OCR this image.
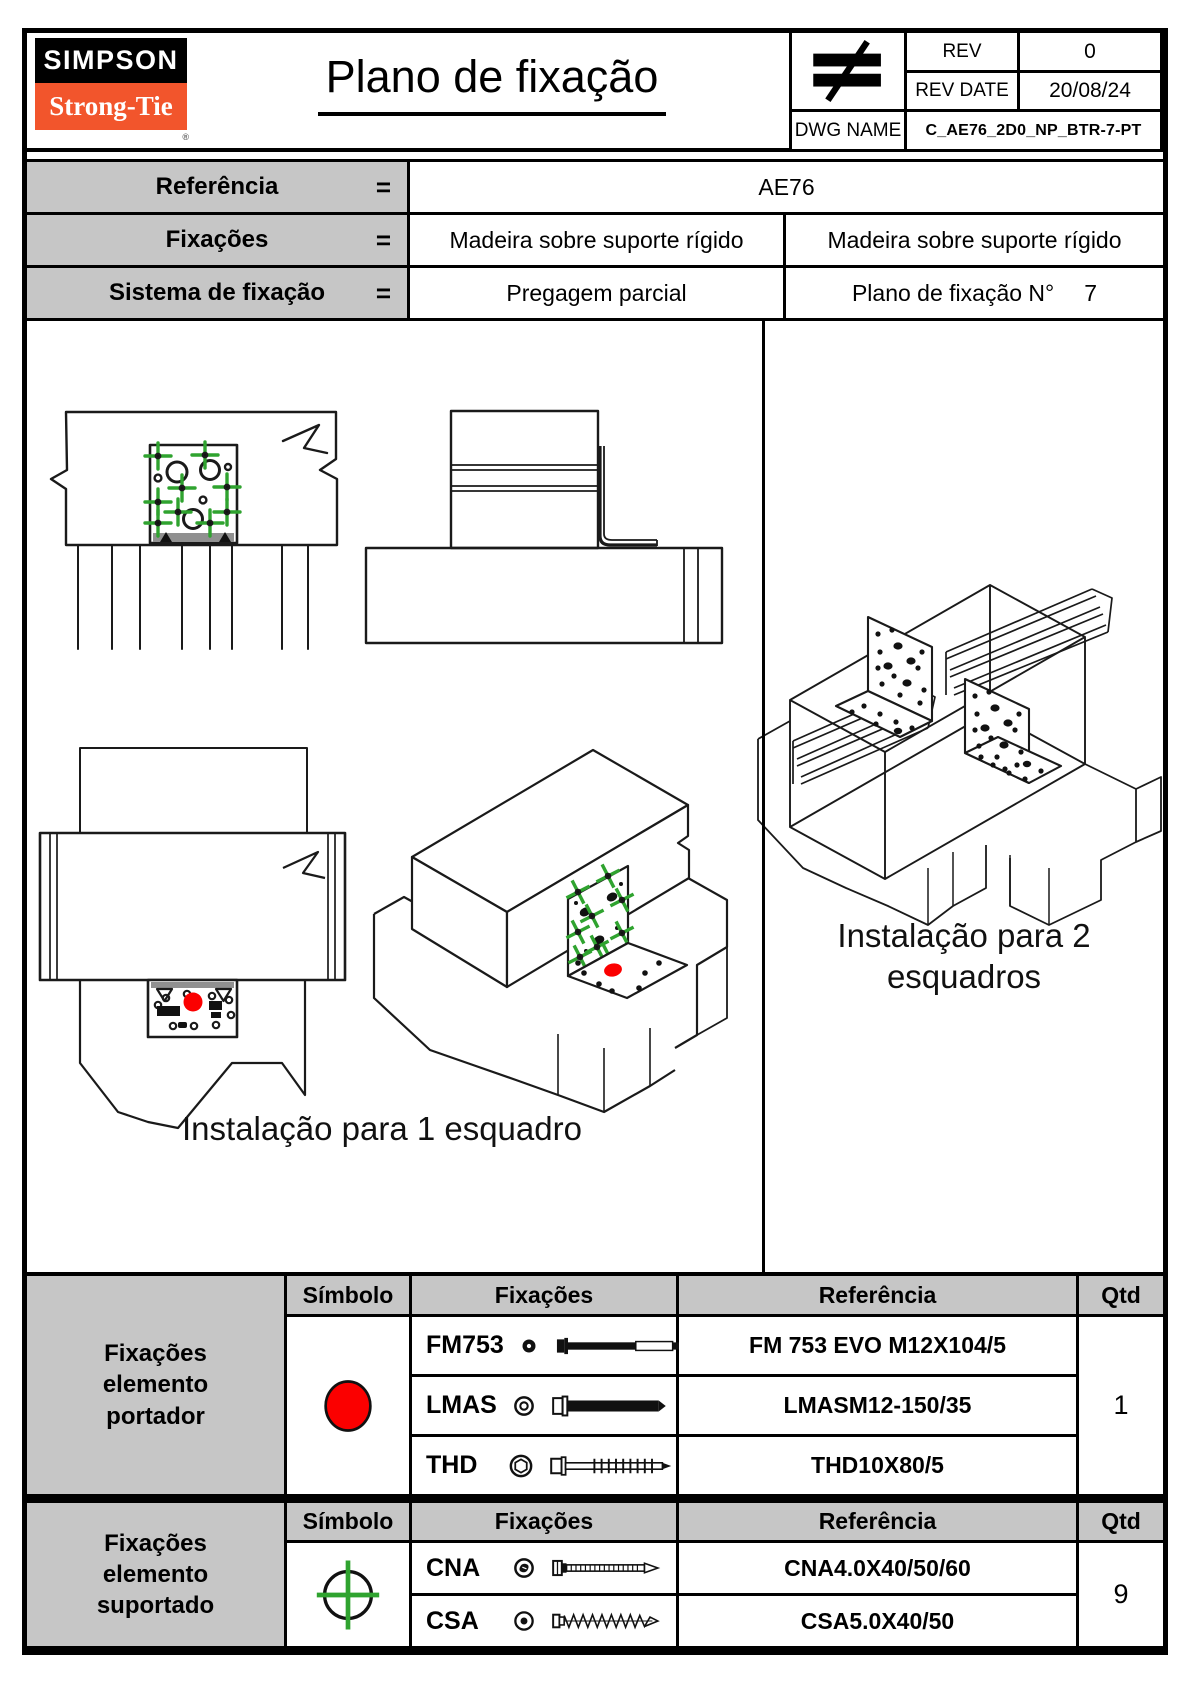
SIMPSON
Strong-Tie
®
Plano de fixação	REV	0
REV DATE	20/08/24
DWG NAME	C_AE76_2D0_NP_BTR-7-PT
Referência	=	AE76
Fixações	=	Madeira sobre suporte rígido	Madeira sobre suporte rígido
Sistema de fixação =	Pregagem parcial	Plano de fixação N° 7
Instalação para 1 esquadro
Instalação para 2 esquadros
Fixações elemento portador
Símbolo	Fixações	Referência	Qtd
FM753	FM 753 EVO M12X104/5
LMAS	LMASM12-150/35
THD	THD10X80/5
1
Fixações elemento suportado
Símbolo	Fixações	Referência	Qtd
CNA	CNA4.0X40/50/60
CSA	CSA5.0X40/50
9
